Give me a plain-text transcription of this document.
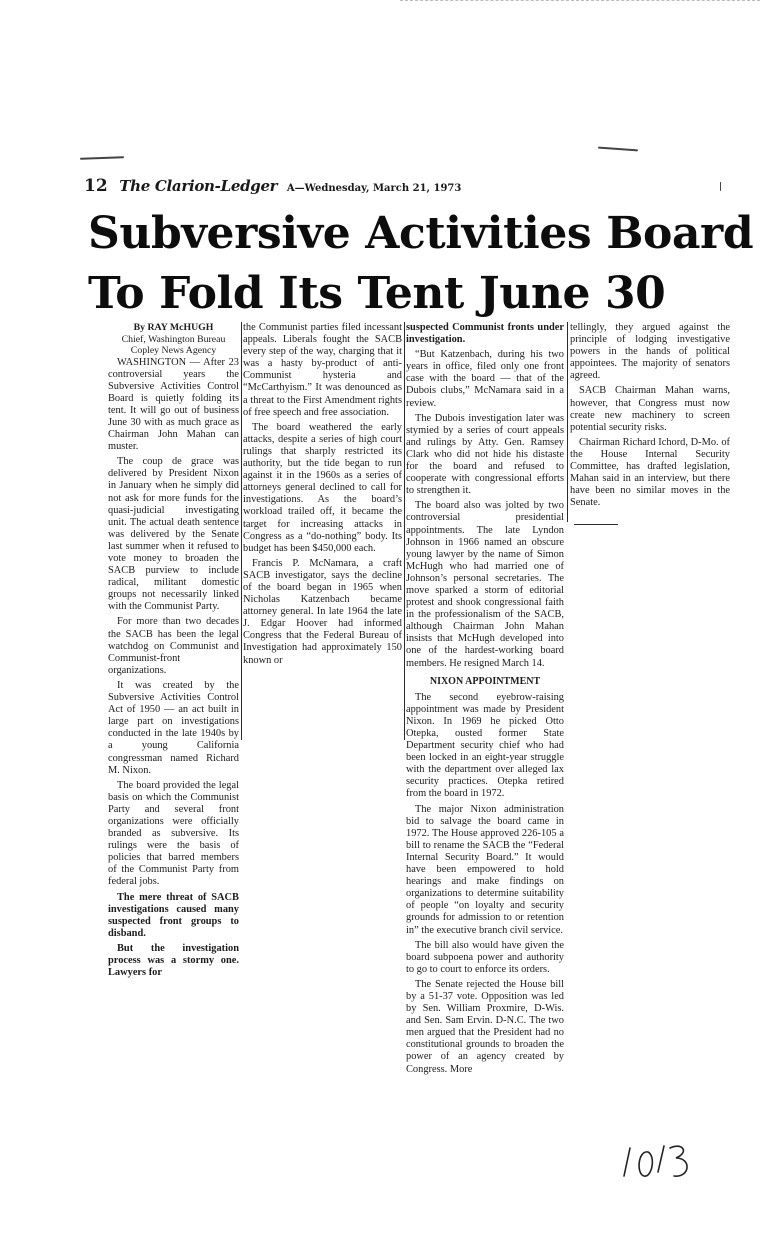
12 The Clarion-Ledger A—Wednesday, March 21, 1973
Subversive Activities Board
To Fold Its Tent June 30

By RAY McHUGH

Chief, Washington Bureau

Copley News Agency

WASHINGTON — After 23 controversial years the Subversive Activities Control Board is quietly folding its tent. It will go out of business June 30 with as much grace as Chairman John Mahan can muster.

The coup de grace was delivered by President Nixon in January when he simply did not ask for more funds for the quasi-judicial investigating unit. The actual death sentence was delivered by the Senate last summer when it refused to vote money to broaden the SACB purview to include radical, militant domestic groups not necessarily linked with the Communist Party.

For more than two decades the SACB has been the legal watchdog on Communist and Communist-front organizations.

It was created by the Subversive Activities Control Act of 1950 — an act built in large part on investigations conducted in the late 1940s by a young California congressman named Richard M. Nixon.

The board provided the legal basis on which the Communist Party and several front organizations were officially branded as subversive. Its rulings were the basis of policies that barred members of the Communist Party from federal jobs.

The mere threat of SACB investigations caused many suspected front groups to disband.

But the investigation process was a stormy one. Lawyers for

the Communist parties filed incessant appeals. Liberals fought the SACB every step of the way, charging that it was a hasty by-product of anti-Communist hysteria and “McCarthyism.” It was denounced as a threat to the First Amendment rights of free speech and free association.

The board weathered the early attacks, despite a series of high court rulings that sharply restricted its authority, but the tide began to run against it in the 1960s as a series of attorneys general declined to call for investigations. As the board’s workload trailed off, it became the target for increasing attacks in Congress as a “do-nothing” body. Its budget has been $450,000 each.

Francis P. McNamara, a craft SACB investigator, says the decline of the board began in 1965 when Nicholas Katzenbach became attorney general. In late 1964 the late J. Edgar Hoover had informed Congress that the Federal Bureau of Investigation had approximately 150 known or

suspected Communist fronts under investigation.

“But Katzenbach, during his two years in office, filed only one front case with the board — that of the Dubois clubs,” McNamara said in a review.

The Dubois investigation later was stymied by a series of court appeals and rulings by Atty. Gen. Ramsey Clark who did not hide his distaste for the board and refused to cooperate with congressional efforts to strengthen it.

The board also was jolted by two controversial presidential appointments. The late Lyndon Johnson in 1966 named an obscure young lawyer by the name of Simon McHugh who had married one of Johnson’s personal secretaries. The move sparked a storm of editorial protest and shook congressional faith in the professionalism of the SACB, although Chairman John Mahan insists that McHugh developed into one of the hardest-working board members. He resigned March 14.

NIXON APPOINTMENT

The second eyebrow-raising appointment was made by President Nixon. In 1969 he picked Otto Otepka, ousted former State Department security chief who had been locked in an eight-year struggle with the department over alleged lax security practices. Otepka retired from the board in 1972.

The major Nixon administration bid to salvage the board came in 1972. The House approved 226-105 a bill to rename the SACB the “Federal Internal Security Board.” It would have been empowered to hold hearings and make findings on organizations to determine suitability of people “on loyalty and security grounds for admission to or retention in” the executive branch civil service.

The bill also would have given the board subpoena power and authority to go to court to enforce its orders.

The Senate rejected the House bill by a 51-37 vote. Opposition was led by Sen. William Proxmire, D-Wis. and Sen. Sam Ervin. D-N.C. The two men argued that the President had no constitutional grounds to broaden the power of an agency created by Congress. More

tellingly, they argued against the principle of lodging investigative powers in the hands of political appointees. The majority of senators agreed.

SACB Chairman Mahan warns, however, that Congress must now create new machinery to screen potential security risks.

Chairman Richard Ichord, D-Mo. of the House Internal Security Committee, has drafted legislation, Mahan said in an interview, but there have been no similar moves in the Senate.
